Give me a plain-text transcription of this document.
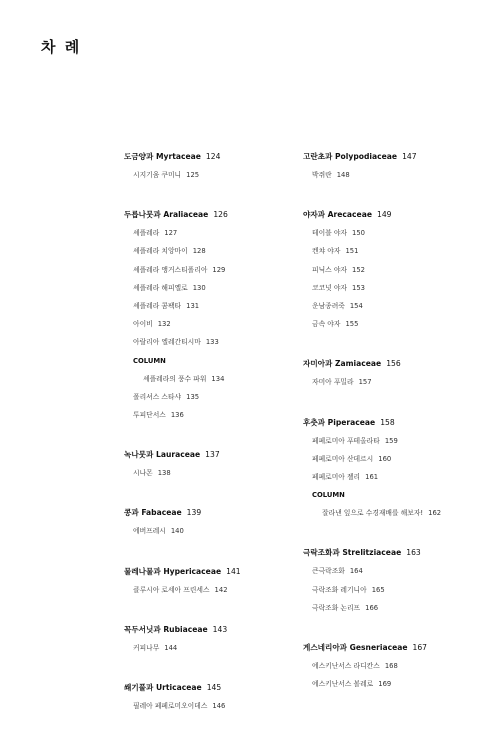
차 례
도금양과 Myrtaceae 124
시지기움 쿠미니 125
두릅나뭇과 Araliaceae 126
셰플레라 127
셰플레라 치앙마이 128
셰플레라 앵거스티폴리아 129
셰플레라 해피옐로 130
셰플레라 콤팩타 131
아이비 132
아랄리아 엘레간티시마 133
COLUMN
셰플레라의 풍수 파워 134
폴리셔스 스타샤 135
투피단서스 136
녹나뭇과 Lauraceae 137
시나몬 138
콩과 Fabaceae 139
에버프레시 140
물레나물과 Hypericaceae 141
클루시아 로세아 프린세스 142
꼭두서닛과 Rubiaceae 143
커피나무 144
쐐기풀과 Urticaceae 145
필레아 페페로미오이데스 146
고란초과 Polypodiaceae 147
박쥐란 148
야자과 Arecaceae 149
테이블 야자 150
켄챠 야자 151
피닉스 야자 152
코코넛 야자 153
운남종려죽 154
금속 야자 155
자미아과 Zamiaceae 156
자미아 푸밀라 157
후춧과 Piperaceae 158
페페로미아 푸테올라타 159
페페로미아 산데르시 160
페페로미아 젤리 161
COLUMN
잘라낸 잎으로 수경재배를 해보자! 162
극락조화과 Strelitziaceae 163
큰극락조화 164
극락조화 레기니아 165
극락조화 논리프 166
게스네리아과 Gesneriaceae 167
에스키난서스 라디칸스 168
에스키난서스 볼레로 169
